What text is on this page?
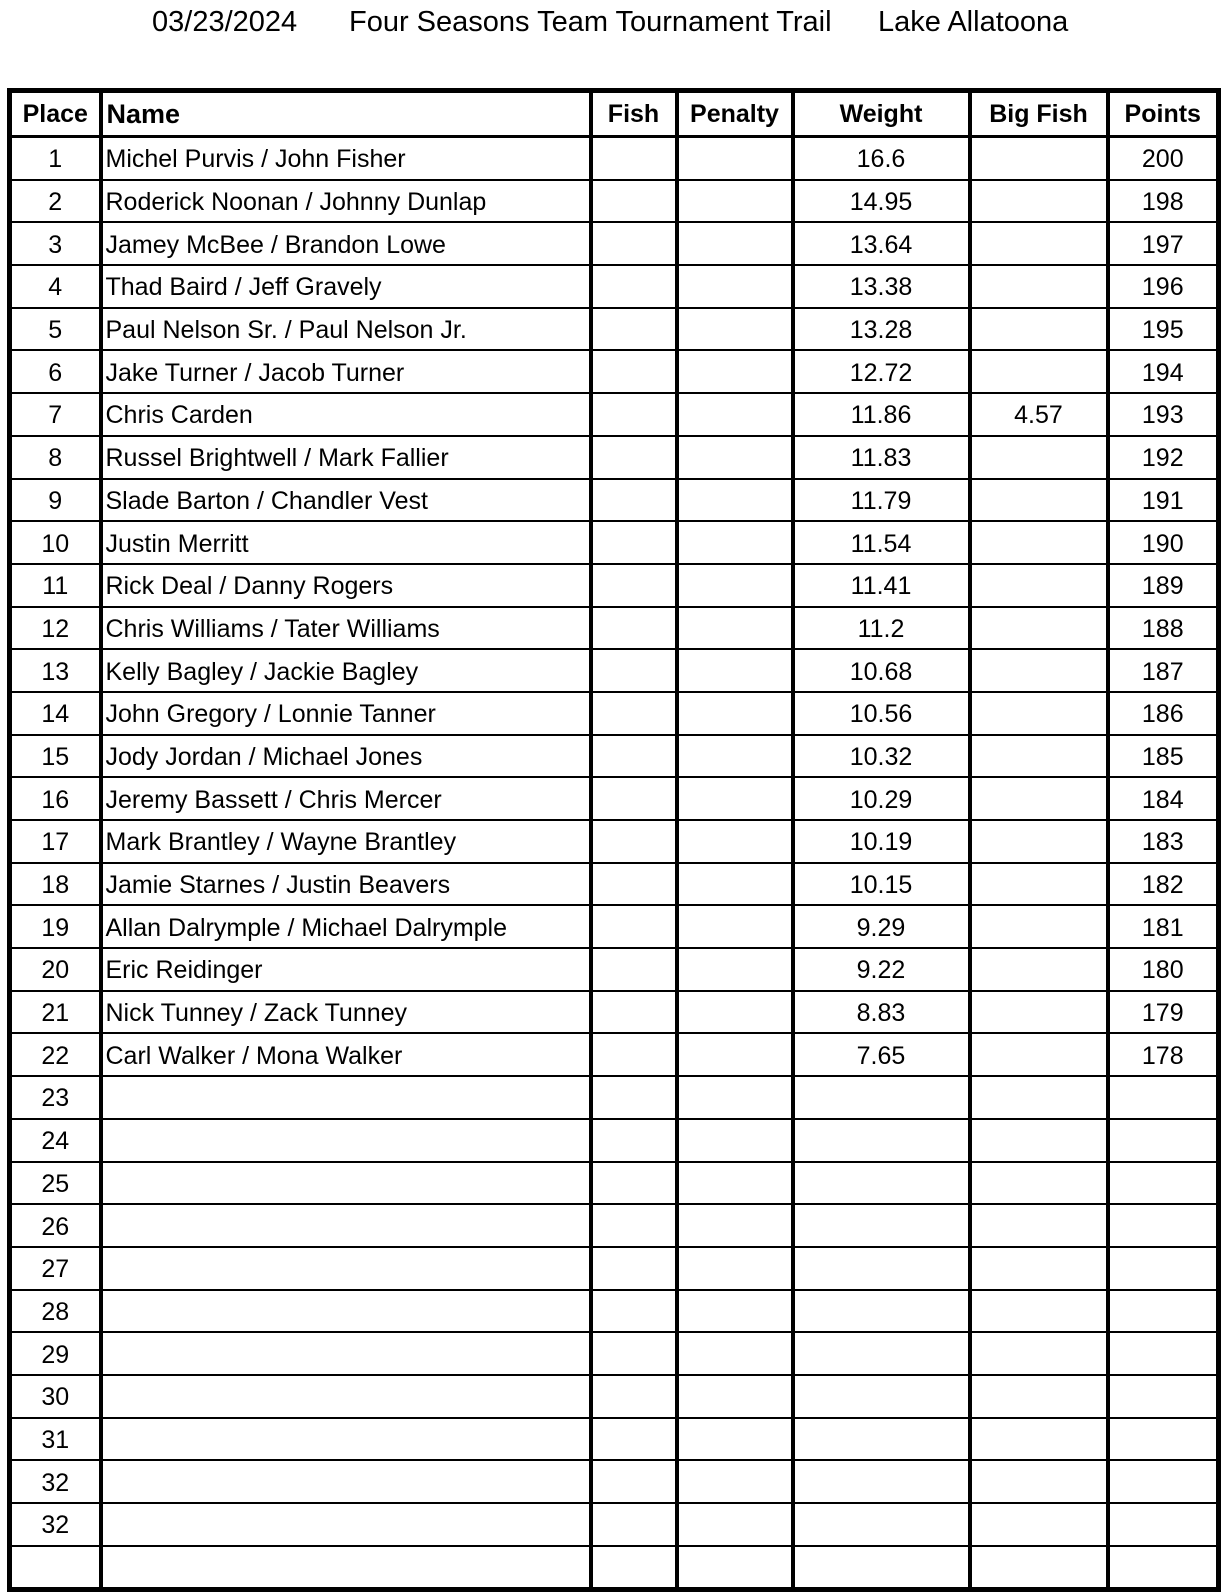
03/23/2024 Four Seasons Team Tournament Trail Lake Allatoona
Place	Name	Fish	Penalty	Weight	Big Fish	Points
1	Michel Purvis / John Fisher			16.6		200
2	Roderick Noonan / Johnny Dunlap			14.95		198
3	Jamey McBee / Brandon Lowe			13.64		197
4	Thad Baird / Jeff Gravely			13.38		196
5	Paul Nelson Sr. / Paul Nelson Jr.			13.28		195
6	Jake Turner / Jacob Turner			12.72		194
7	Chris Carden			11.86	4.57	193
8	Russel Brightwell / Mark Fallier			11.83		192
9	Slade Barton / Chandler Vest			11.79		191
10	Justin Merritt			11.54		190
11	Rick Deal / Danny Rogers			11.41		189
12	Chris Williams / Tater Williams			11.2		188
13	Kelly Bagley / Jackie Bagley			10.68		187
14	John Gregory / Lonnie Tanner			10.56		186
15	Jody Jordan / Michael Jones			10.32		185
16	Jeremy Bassett / Chris Mercer			10.29		184
17	Mark Brantley / Wayne Brantley			10.19		183
18	Jamie Starnes / Justin Beavers			10.15		182
19	Allan Dalrymple / Michael Dalrymple			9.29		181
20	Eric Reidinger			9.22		180
21	Nick Tunney / Zack Tunney			8.83		179
22	Carl Walker / Mona Walker			7.65		178
23						
24						
25						
26						
27						
28						
29						
30						
31						
32						
32						
